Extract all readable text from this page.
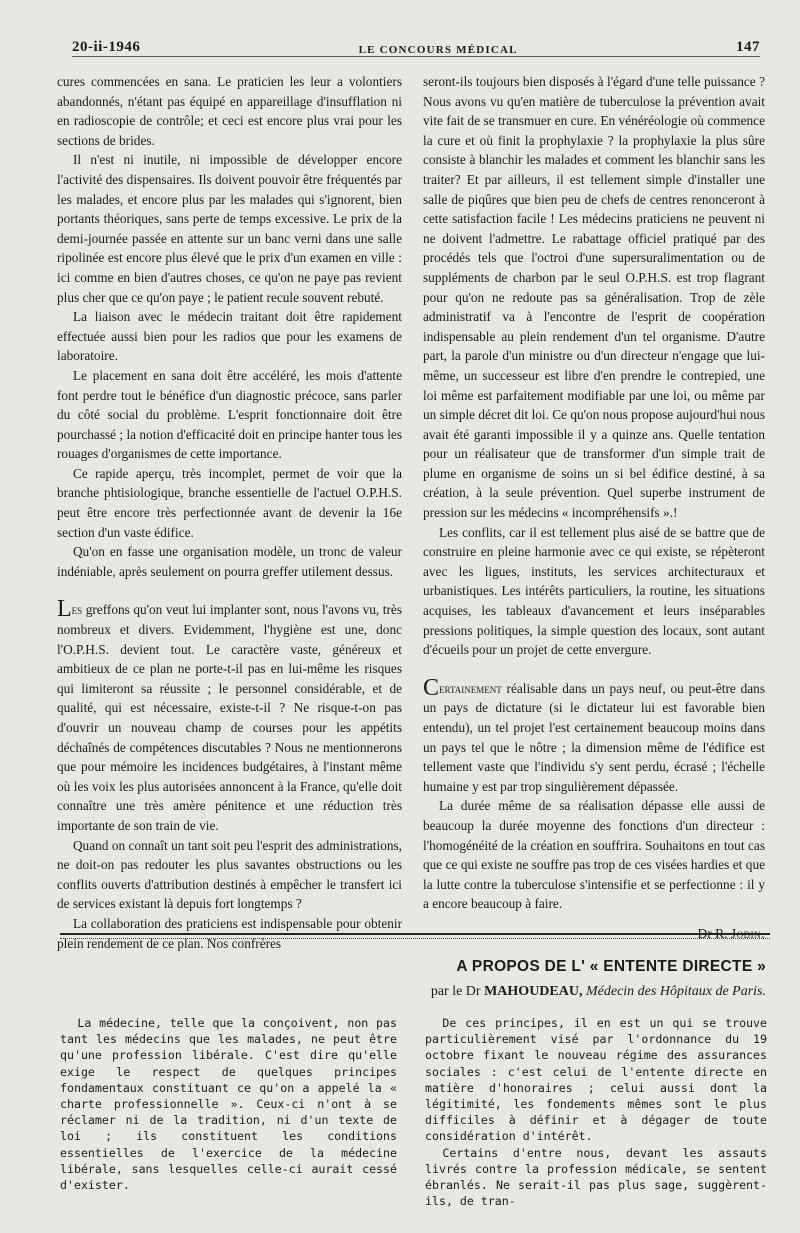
20-ii-1946	LE CONCOURS MÉDICAL	147

cures commencées en sana. Le praticien les leur a volontiers abandonnés, n'étant pas équipé en appareillage d'insufflation ni en radioscopie de contrôle; et ceci est encore plus vrai pour les sections de brides.

Il n'est ni inutile, ni impossible de développer encore l'activité des dispensaires. Ils doivent pouvoir être fréquentés par les malades, et encore plus par les malades qui s'ignorent, bien portants théoriques, sans perte de temps excessive. Le prix de la demi-journée passée en attente sur un banc verni dans une salle ripolinée est encore plus élevé que le prix d'un examen en ville : ici comme en bien d'autres choses, ce qu'on ne paye pas revient plus cher que ce qu'on paye ; le patient recule souvent rebuté.

La liaison avec le médecin traitant doit être rapidement effectuée aussi bien pour les radios que pour les examens de laboratoire.

Le placement en sana doit être accéléré, les mois d'attente font perdre tout le bénéfice d'un diagnostic précoce, sans parler du côté social du problème. L'esprit fonctionnaire doit être pourchassé ; la notion d'efficacité doit en principe hanter tous les rouages d'organismes de cette importance.

Ce rapide aperçu, très incomplet, permet de voir que la branche phtisiologique, branche essentielle de l'actuel O.P.H.S. peut être encore très perfectionnée avant de devenir la 16e section d'un vaste édifice.

Qu'on en fasse une organisation modèle, un tronc de valeur indéniable, après seulement on pourra greffer utilement dessus.

Les greffons qu'on veut lui implanter sont, nous l'avons vu, très nombreux et divers. Evidemment, l'hygiène est une, donc l'O.P.H.S. devient tout. Le caractère vaste, généreux et ambitieux de ce plan ne porte-t-il pas en lui-même les risques qui limiteront sa réussite ; le personnel considérable, et de qualité, qui est nécessaire, existe-t-il ? Ne risque-t-on pas d'ouvrir un nouveau champ de courses pour les appétits déchaînés de compétences discutables ? Nous ne mentionnerons que pour mémoire les incidences budgétaires, à l'instant même où les voix les plus autorisées annoncent à la France, qu'elle doit connaître une très amère pénitence et une réduction très importante de son train de vie.

Quand on connaît un tant soit peu l'esprit des administrations, ne doit-on pas redouter les plus savantes obstructions ou les conflits ouverts d'attribution destinés à empêcher le transfert ici de services existant là depuis fort longtemps ?

La collaboration des praticiens est indispensable pour obtenir plein rendement de ce plan. Nos confrères

seront-ils toujours bien disposés à l'égard d'une telle puissance ? Nous avons vu qu'en matière de tuberculose la prévention avait vite fait de se transmuer en cure. En vénéréologie où commence la cure et où finit la prophylaxie ? la prophylaxie la plus sûre consiste à blanchir les malades et comment les blanchir sans les traiter? Et par ailleurs, il est tellement simple d'installer une salle de piqûres que bien peu de chefs de centres renonceront à cette satisfaction facile ! Les médecins praticiens ne peuvent ni ne doivent l'admettre. Le rabattage officiel pratiqué par des procédés tels que l'octroi d'une supersuralimentation ou de suppléments de charbon par le seul O.P.H.S. est trop flagrant pour qu'on ne redoute pas sa généralisation. Trop de zèle administratif va à l'encontre de l'esprit de coopération indispensable au plein rendement d'un tel organisme. D'autre part, la parole d'un ministre ou d'un directeur n'engage que lui-même, un successeur est libre d'en prendre le contrepied, une loi même est parfaitement modifiable par une loi, ou même par un simple décret dit loi. Ce qu'on nous propose aujourd'hui nous avait été garanti impossible il y a quinze ans. Quelle tentation pour un réalisateur que de transformer d'un simple trait de plume en organisme de soins un si bel édifice destiné, à sa création, à la seule prévention. Quel superbe instrument de pression sur les médecins « incompréhensifs ».!

Les conflits, car il est tellement plus aisé de se battre que de construire en pleine harmonie avec ce qui existe, se répèteront avec les ligues, instituts, les services architecturaux et urbanistiques. Les intérêts particuliers, la routine, les situations acquises, les tableaux d'avancement et leurs inséparables pressions politiques, la simple question des locaux, sont autant d'écueils pour un projet de cette envergure.

Certainement réalisable dans un pays neuf, ou peut-être dans un pays de dictature (si le dictateur lui est favorable bien entendu), un tel projet l'est certainement beaucoup moins dans un pays tel que le nôtre ; la dimension même de l'édifice est tellement vaste que l'individu s'y sent perdu, écrasé ; l'échelle humaine y est par trop singulièrement dépassée.

La durée même de sa réalisation dépasse elle aussi de beaucoup la durée moyenne des fonctions d'un directeur : l'homogénéité de la création en souffrira. Souhaitons en tout cas que ce qui existe ne souffre pas trop de ces visées hardies et que la lutte contre la tuberculose s'intensifie et se perfectionne : il y a encore beaucoup à faire.

Dr R. Jodin.
A PROPOS DE L' « ENTENTE DIRECTE »
par le Dr MAHOUDEAU, Médecin des Hôpitaux de Paris.

La médecine, telle que la conçoivent, non pas tant les médecins que les malades, ne peut être qu'une profession libérale. C'est dire qu'elle exige le respect de quelques principes fondamentaux constituant ce qu'on a appelé la « charte professionnelle ». Ceux-ci n'ont à se réclamer ni de la tradition, ni d'un texte de loi ; ils constituent les conditions essentielles de l'exercice de la médecine libérale, sans lesquelles celle-ci aurait cessé d'exister.

De ces principes, il en est un qui se trouve particulièrement visé par l'ordonnance du 19 octobre fixant le nouveau régime des assurances sociales : c'est celui de l'entente directe en matière d'honoraires ; celui aussi dont la légitimité, les fondements mêmes sont le plus difficiles à définir et à dégager de toute considération d'intérêt.

Certains d'entre nous, devant les assauts livrés contre la profession médicale, se sentent ébranlés. Ne serait-il pas plus sage, suggèrent-ils, de tran-
